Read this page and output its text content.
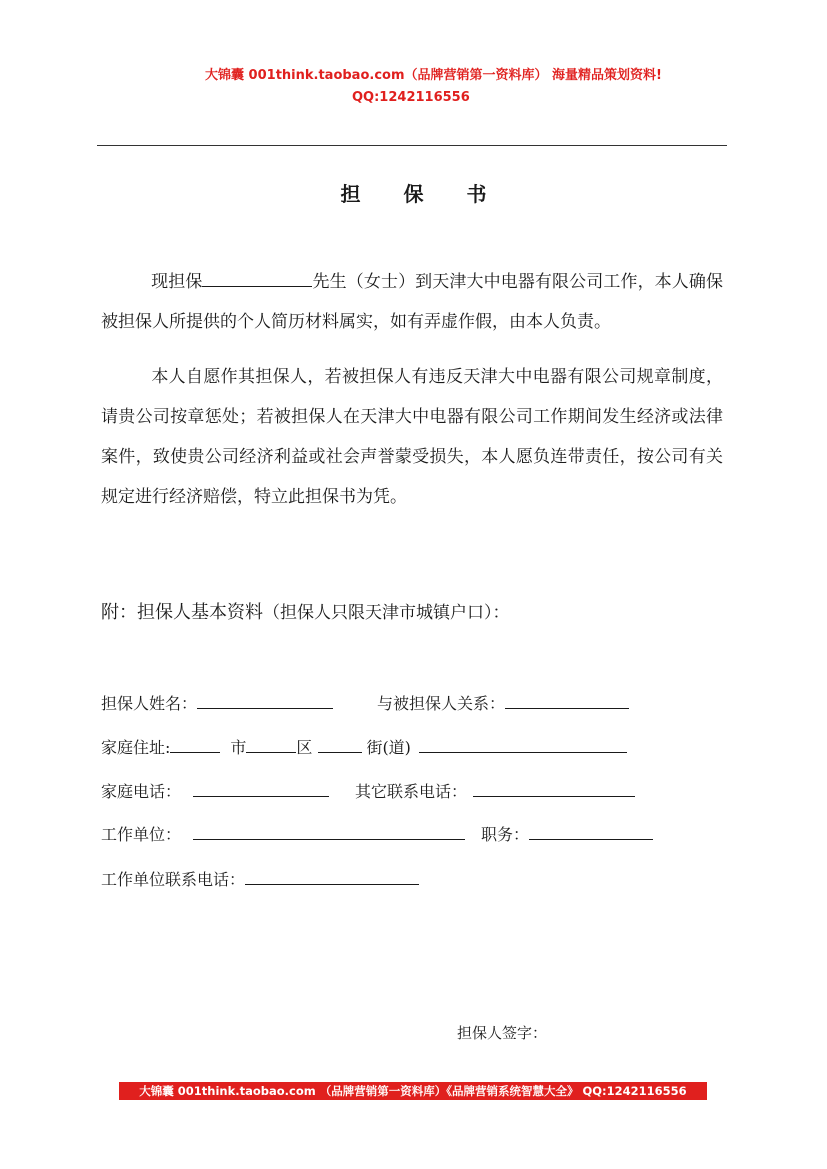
大锦囊 001think.taobao.com（品牌营销第一资料库） 海量精品策划资料!
QQ:1242116556
担 保 书
现担保	先生（女士）到天津大中电器有限公司工作，本人确保被担保人所提供的个人简历材料属实，如有弄虚作假，由本人负责。
本人自愿作其担保人，若被担保人有违反天津大中电器有限公司规章制度，请贵公司按章惩处；若被担保人在天津大中电器有限公司工作期间发生经济或法律案件，致使贵公司经济利益或社会声誉蒙受损失，本人愿负连带责任，按公司有关规定进行经济赔偿，特立此担保书为凭。
附：担保人基本资料（担保人只限天津市城镇户口）：
担保人姓名：	与被担保人关系：
家庭住址:	市	区	街(道)
家庭电话：	其它联系电话：
工作单位：	职务：
工作单位联系电话：
担保人签字：
大锦囊 001think.taobao.com （品牌营销第一资料库）《品牌营销系统智慧大全》 QQ:1242116556
